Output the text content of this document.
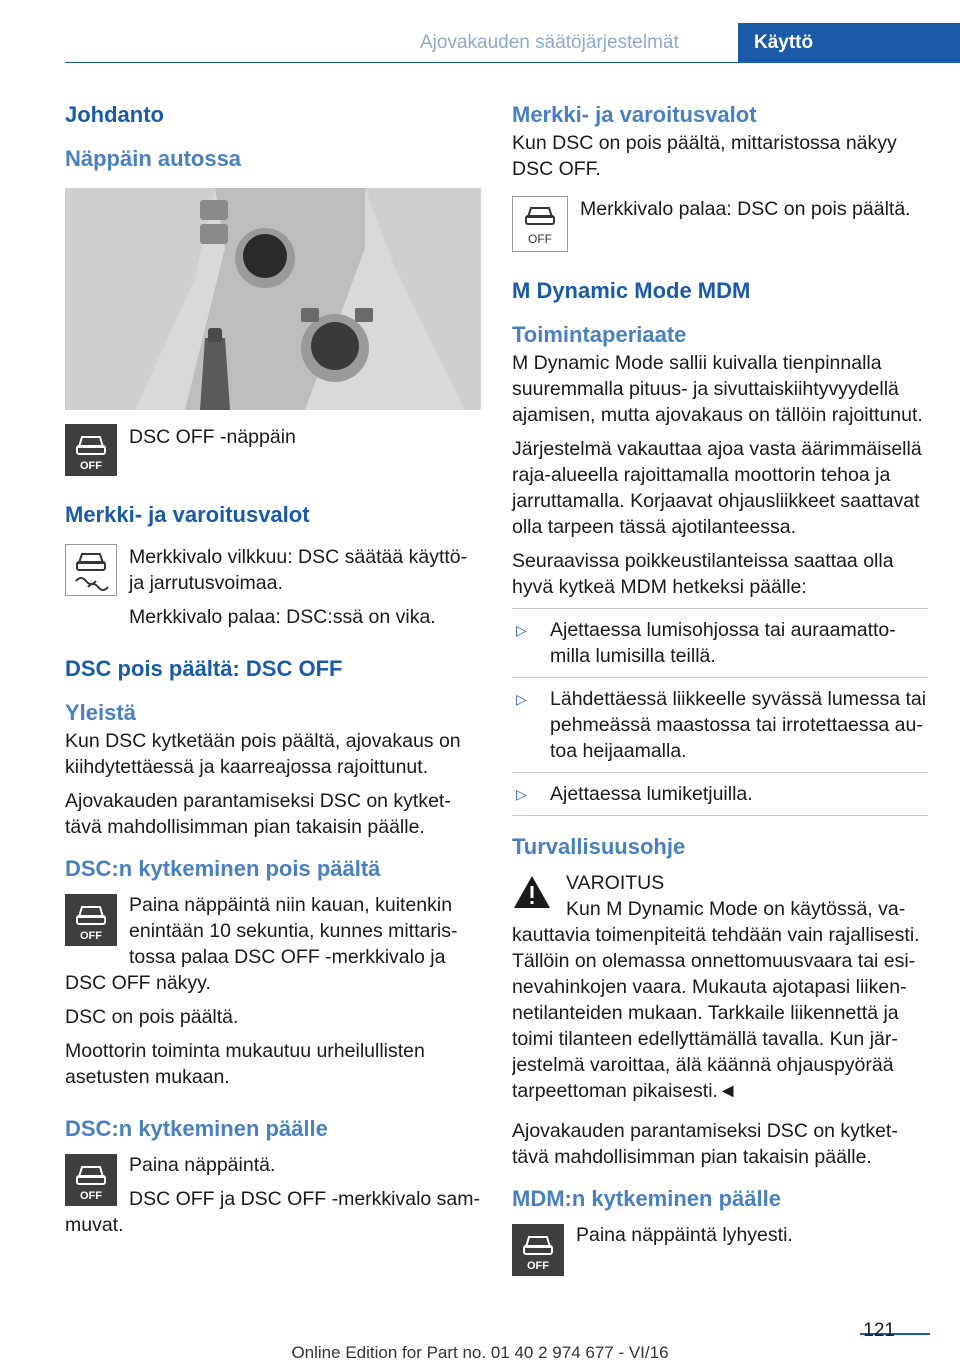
Ajovakauden säätöjärjestelmät	Käyttö
Johdanto
Näppäin autossa
OFF

DSC OFF -näppäin

Merkki- ja varoitusvalot

Merkkivalo vilkkuu: DSC säätää käyttö- ja jarrutusvoimaa.

Merkkivalo palaa: DSC:ssä on vika.

DSC pois päältä: DSC OFF
Yleistä

Kun DSC kytketään pois päältä, ajovakaus on kiihdytettäessä ja kaarreajossa rajoittunut.

Ajovakauden parantamiseksi DSC on kytkettävä mahdollisimman pian takaisin päälle.

DSC:n kytkeminen pois päältä
OFF

Paina näppäintä niin kauan, kuitenkin enintään 10 sekuntia, kunnes mittaristossa palaa DSC OFF -merkkivalo ja DSC OFF näkyy.

DSC on pois päältä.

Moottorin toiminta mukautuu urheilullisten asetusten mukaan.

DSC:n kytkeminen päälle
OFF

Paina näppäintä.

DSC OFF ja DSC OFF -merkkivalo sammuvat.

Merkki- ja varoitusvalot

Kun DSC on pois päältä, mittaristossa näkyy DSC OFF.

OFF

Merkkivalo palaa: DSC on pois päältä.

M Dynamic Mode MDM
Toimintaperiaate

M Dynamic Mode sallii kuivalla tienpinnalla suuremmalla pituus- ja sivuttaiskiihtyvyydellä ajamisen, mutta ajovakaus on tällöin rajoittunut.

Järjestelmä vakauttaa ajoa vasta äärimmäisellä raja-alueella rajoittamalla moottorin tehoa ja jarruttamalla. Korjaavat ohjausliikkeet saattavat olla tarpeen tässä ajotilanteessa.

Seuraavissa poikkeustilanteissa saattaa olla hyvä kytkeä MDM hetkeksi päälle:

▷	Ajettaessa lumisohjossa tai auraamattomilla lumisilla teillä.

▷	Lähdettäessä liikkeelle syvässä lumessa tai pehmeässä maastossa tai irrotettaessa autoa heijaamalla.

▷	Ajettaessa lumiketjuilla.

Turvallisuusohje

VAROITUS

Kun M Dynamic Mode on käytössä, vakauttavia toimenpiteitä tehdään vain rajallisesti. Tällöin on olemassa onnettomuusvaara tai esinevahinkojen vaara. Mukauta ajotapasi liikennetilanteiden mukaan. Tarkkaile liikennettä ja toimi tilanteen edellyttämällä tavalla. Kun järjestelmä varoittaa, älä käännä ohjauspyörää tarpeettoman pikaisesti.◄

Ajovakauden parantamiseksi DSC on kytkettävä mahdollisimman pian takaisin päälle.

MDM:n kytkeminen päälle
OFF

Paina näppäintä lyhyesti.

121
Online Edition for Part no. 01 40 2 974 677 - VI/16
